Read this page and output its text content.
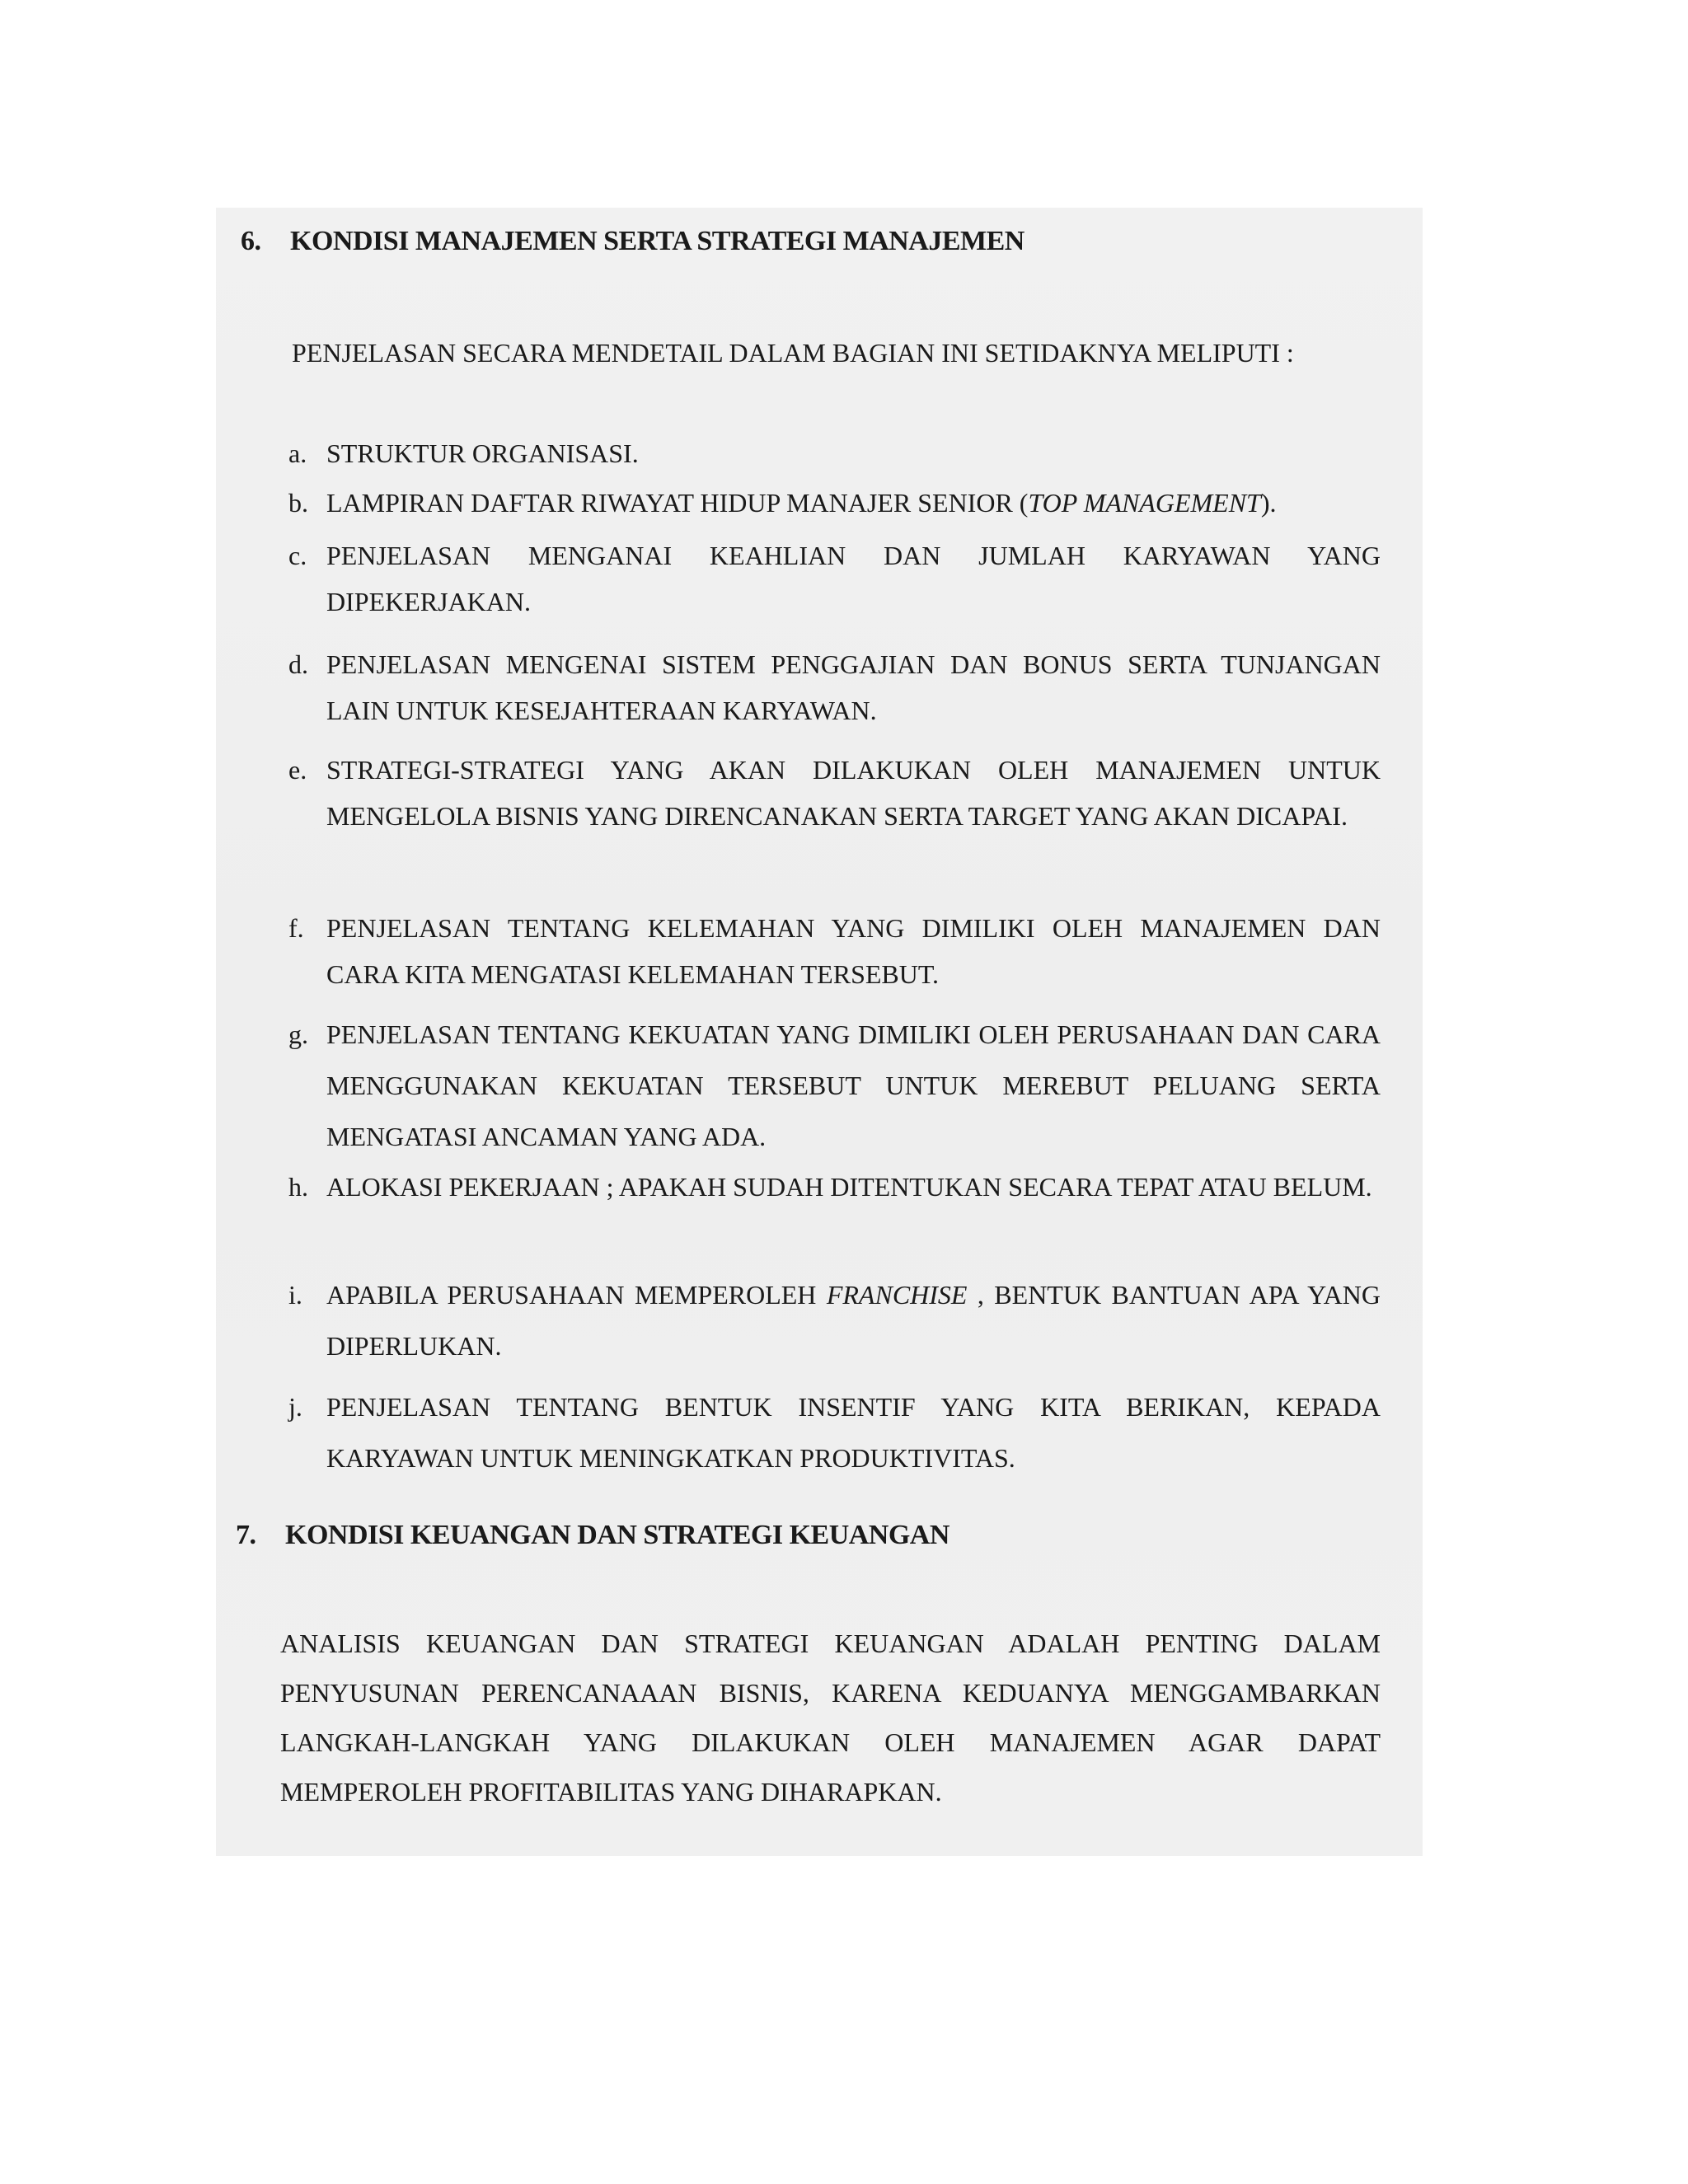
6. KONDISI MANAJEMEN SERTA STRATEGI MANAJEMEN
PENJELASAN SECARA MENDETAIL DALAM BAGIAN INI SETIDAKNYA MELIPUTI :
a. STRUKTUR ORGANISASI.
b. LAMPIRAN DAFTAR RIWAYAT HIDUP MANAJER SENIOR (TOP MANAGEMENT).
c. PENJELASAN MENGANAI KEAHLIAN DAN JUMLAH KARYAWAN YANG DIPEKERJAKAN.
d. PENJELASAN MENGENAI SISTEM PENGGAJIAN DAN BONUS SERTA TUNJANGAN LAIN UNTUK KESEJAHTERAAN KARYAWAN.
e. STRATEGI-STRATEGI YANG AKAN DILAKUKAN OLEH MANAJEMEN UNTUK MENGELOLA BISNIS YANG DIRENCANAKAN SERTA TARGET YANG AKAN DICAPAI.
f. PENJELASAN TENTANG KELEMAHAN YANG DIMILIKI OLEH MANAJEMEN DAN CARA KITA MENGATASI KELEMAHAN TERSEBUT.
g. PENJELASAN TENTANG KEKUATAN YANG DIMILIKI OLEH PERUSAHAAN DAN CARA MENGGUNAKAN KEKUATAN TERSEBUT UNTUK MEREBUT PELUANG SERTA MENGATASI ANCAMAN YANG ADA.
h. ALOKASI PEKERJAAN ; APAKAH SUDAH DITENTUKAN SECARA TEPAT ATAU BELUM.
i. APABILA PERUSAHAAN MEMPEROLEH FRANCHISE , BENTUK BANTUAN APA YANG DIPERLUKAN.
j. PENJELASAN TENTANG BENTUK INSENTIF YANG KITA BERIKAN, KEPADA KARYAWAN UNTUK MENINGKATKAN PRODUKTIVITAS.
7. KONDISI KEUANGAN DAN STRATEGI KEUANGAN
ANALISIS KEUANGAN DAN STRATEGI KEUANGAN ADALAH PENTING DALAM PENYUSUNAN PERENCANAAAN BISNIS, KARENA KEDUANYA MENGGAMBARKAN LANGKAH-LANGKAH YANG DILAKUKAN OLEH MANAJEMEN AGAR DAPAT MEMPEROLEH PROFITABILITAS YANG DIHARAPKAN.
